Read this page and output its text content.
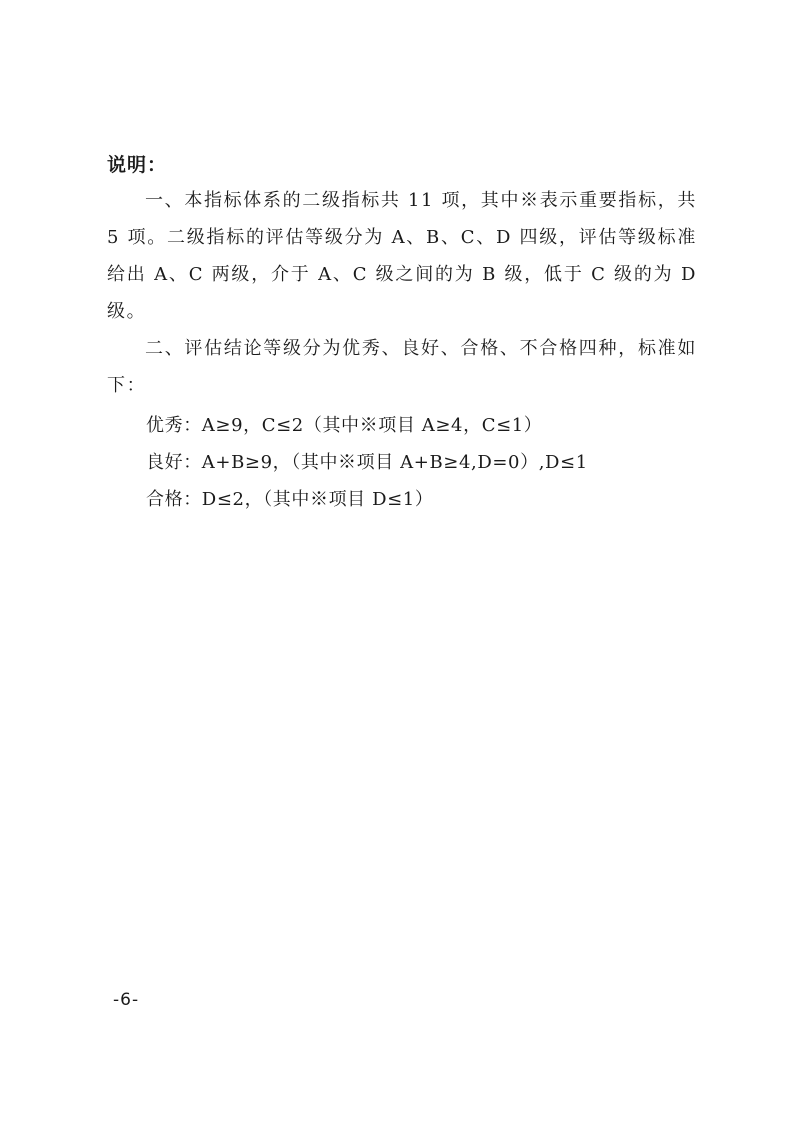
说明：
一、本指标体系的二级指标共 11 项，其中※表示重要指标，共 5 项。二级指标的评估等级分为 A、B、C、D 四级，评估等级标准给出 A、C 两级，介于 A、C 级之间的为 B 级，低于 C 级的为 D 级。
二、评估结论等级分为优秀、良好、合格、不合格四种，标准如下：
优秀：A≥9，C≤2（其中※项目 A≥4，C≤1）
良好：A+B≥9，（其中※项目 A+B≥4,D=0）,D≤1
合格：D≤2，（其中※项目 D≤1）
-6-
